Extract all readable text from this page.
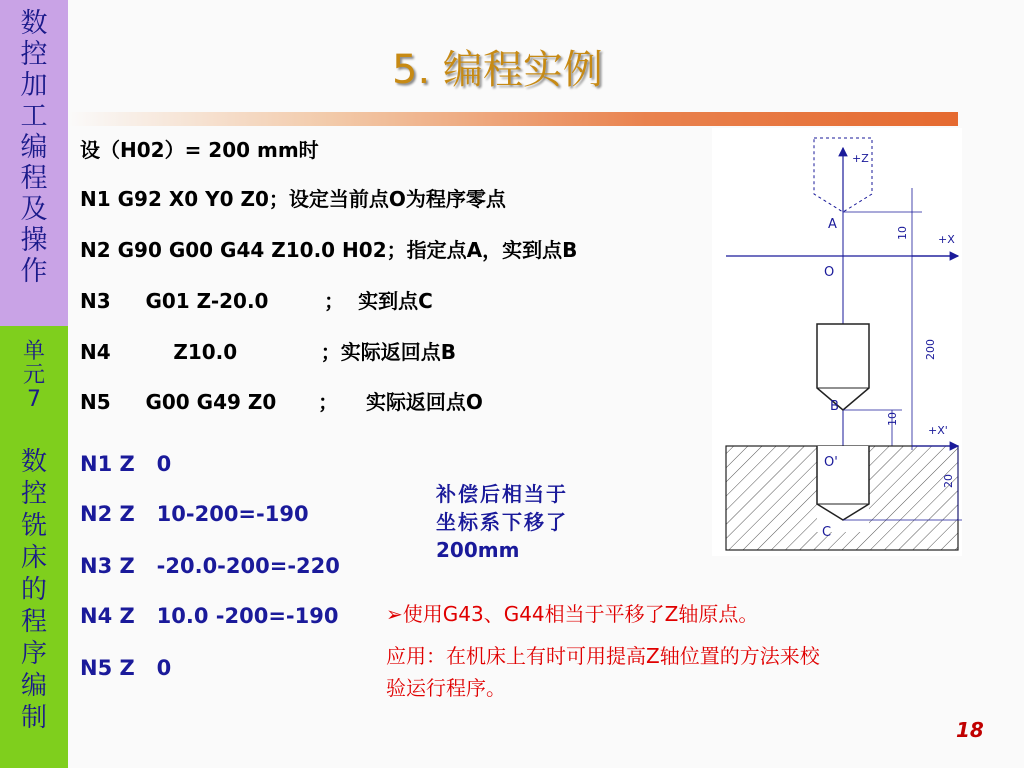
数
控
加
工
编
程
及
操
作
单
元
7
数
控
铣
床
的
程
序
编
制
5. 编程实例
设（H02）= 200 mm时
N1 G92 X0 Y0 Z0；设定当前点O为程序零点
N2 G90 G00 G44 Z10.0 H02；指定点A，实到点B
N3     G01 Z-20.0        ；  实到点C
N4         Z10.0            ；实际返回点B
N5     G00 G49 Z0      ；    实际返回点O
N1 Z   0
N2 Z   10-200=-190
N3 Z   -20.0-200=-220
N4 Z   10.0 -200=-190
N5 Z   0
补偿后相当于
坐标系下移了
200mm
➢使用G43、G44相当于平移了Z轴原点。
应用：在机床上有时可用提高Z轴位置的方法来校
验运行程序。
+Z
A
10	+X
O
200
B
10
+X'
O'
20
C
18
